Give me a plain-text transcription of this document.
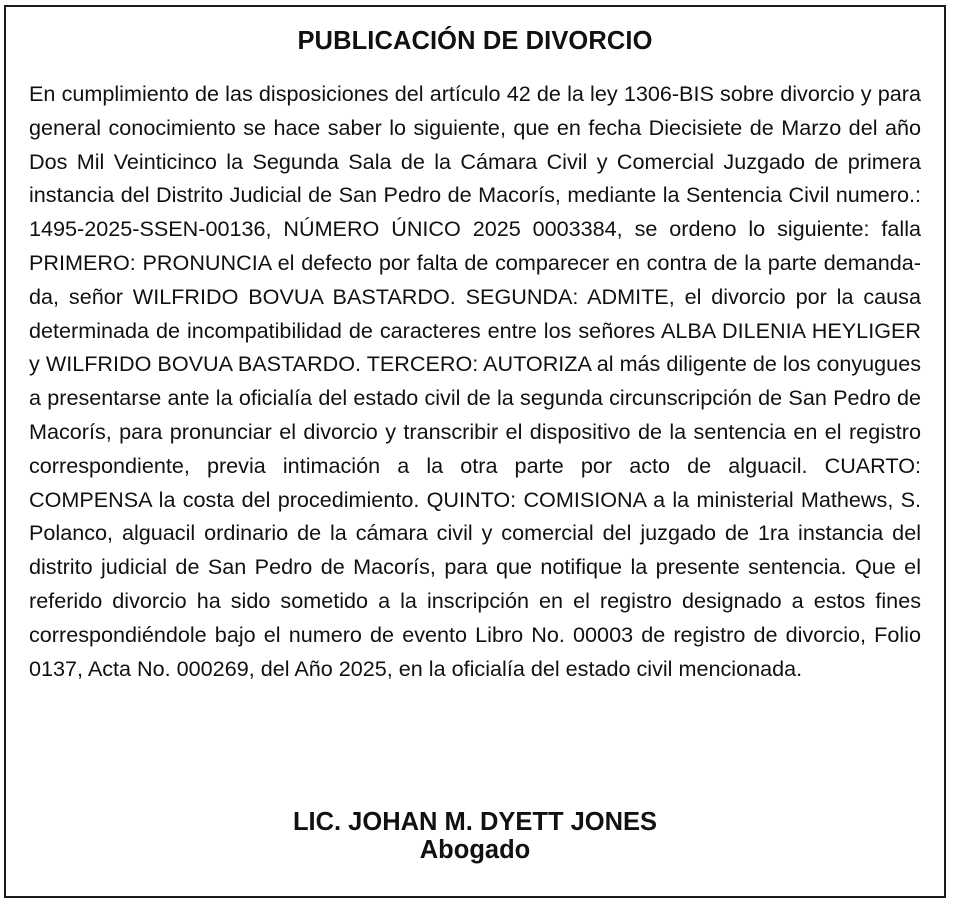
PUBLICACIÓN DE DIVORCIO

En cumplimiento de las disposiciones del artículo 42 de la ley 1306-BIS sobre divorcio y para general conocimiento se hace saber lo siguiente, que en fecha Diecisiete de Marzo del año Dos Mil Veinticinco la Segunda Sala de la Cámara Civil y Comercial Juzgado de primera instancia del Distrito Judicial de San Pedro de Macorís, mediante la Sentencia Civil numero.: 1495-2025-SSEN-00136, NÚMERO ÚNICO 2025 0003384, se ordeno lo siguiente: falla PRIMERO: PRONUNCIA el defecto por falta de comparecer en contra de la parte demandada, señor WILFRIDO BOVUA BASTARDO. SEGUNDA: ADMITE, el divorcio por la causa determinada de incompatibilidad de caracteres entre los señores ALBA DILENIA HEYLIGER y WILFRIDO BOVUA BASTARDO. TERCERO: AUTORIZA al más diligente de los conyugues a presentarse ante la oficialía del estado civil de la segunda circunscripción de San Pedro de Macorís, para pronunciar el divorcio y transcribir el dispositivo de la sentencia en el registro correspondiente, previa intimación a la otra parte por acto de alguacil. CUARTO: COMPENSA la costa del procedimiento. QUINTO: COMISIONA a la ministerial Mathews, S. Polanco, alguacil ordinario de la cámara civil y comercial del juzgado de 1ra instancia del distrito judicial de San Pedro de Macorís, para que notifique la presente sentencia. Que el referido divorcio ha sido sometido a la inscripción en el registro designado a estos fines correspondiéndole bajo el numero de evento Libro No. 00003 de registro de divorcio, Folio 0137, Acta No. 000269, del Año 2025, en la oficialía del estado civil mencionada.

LIC. JOHAN M. DYETT JONES
Abogado
